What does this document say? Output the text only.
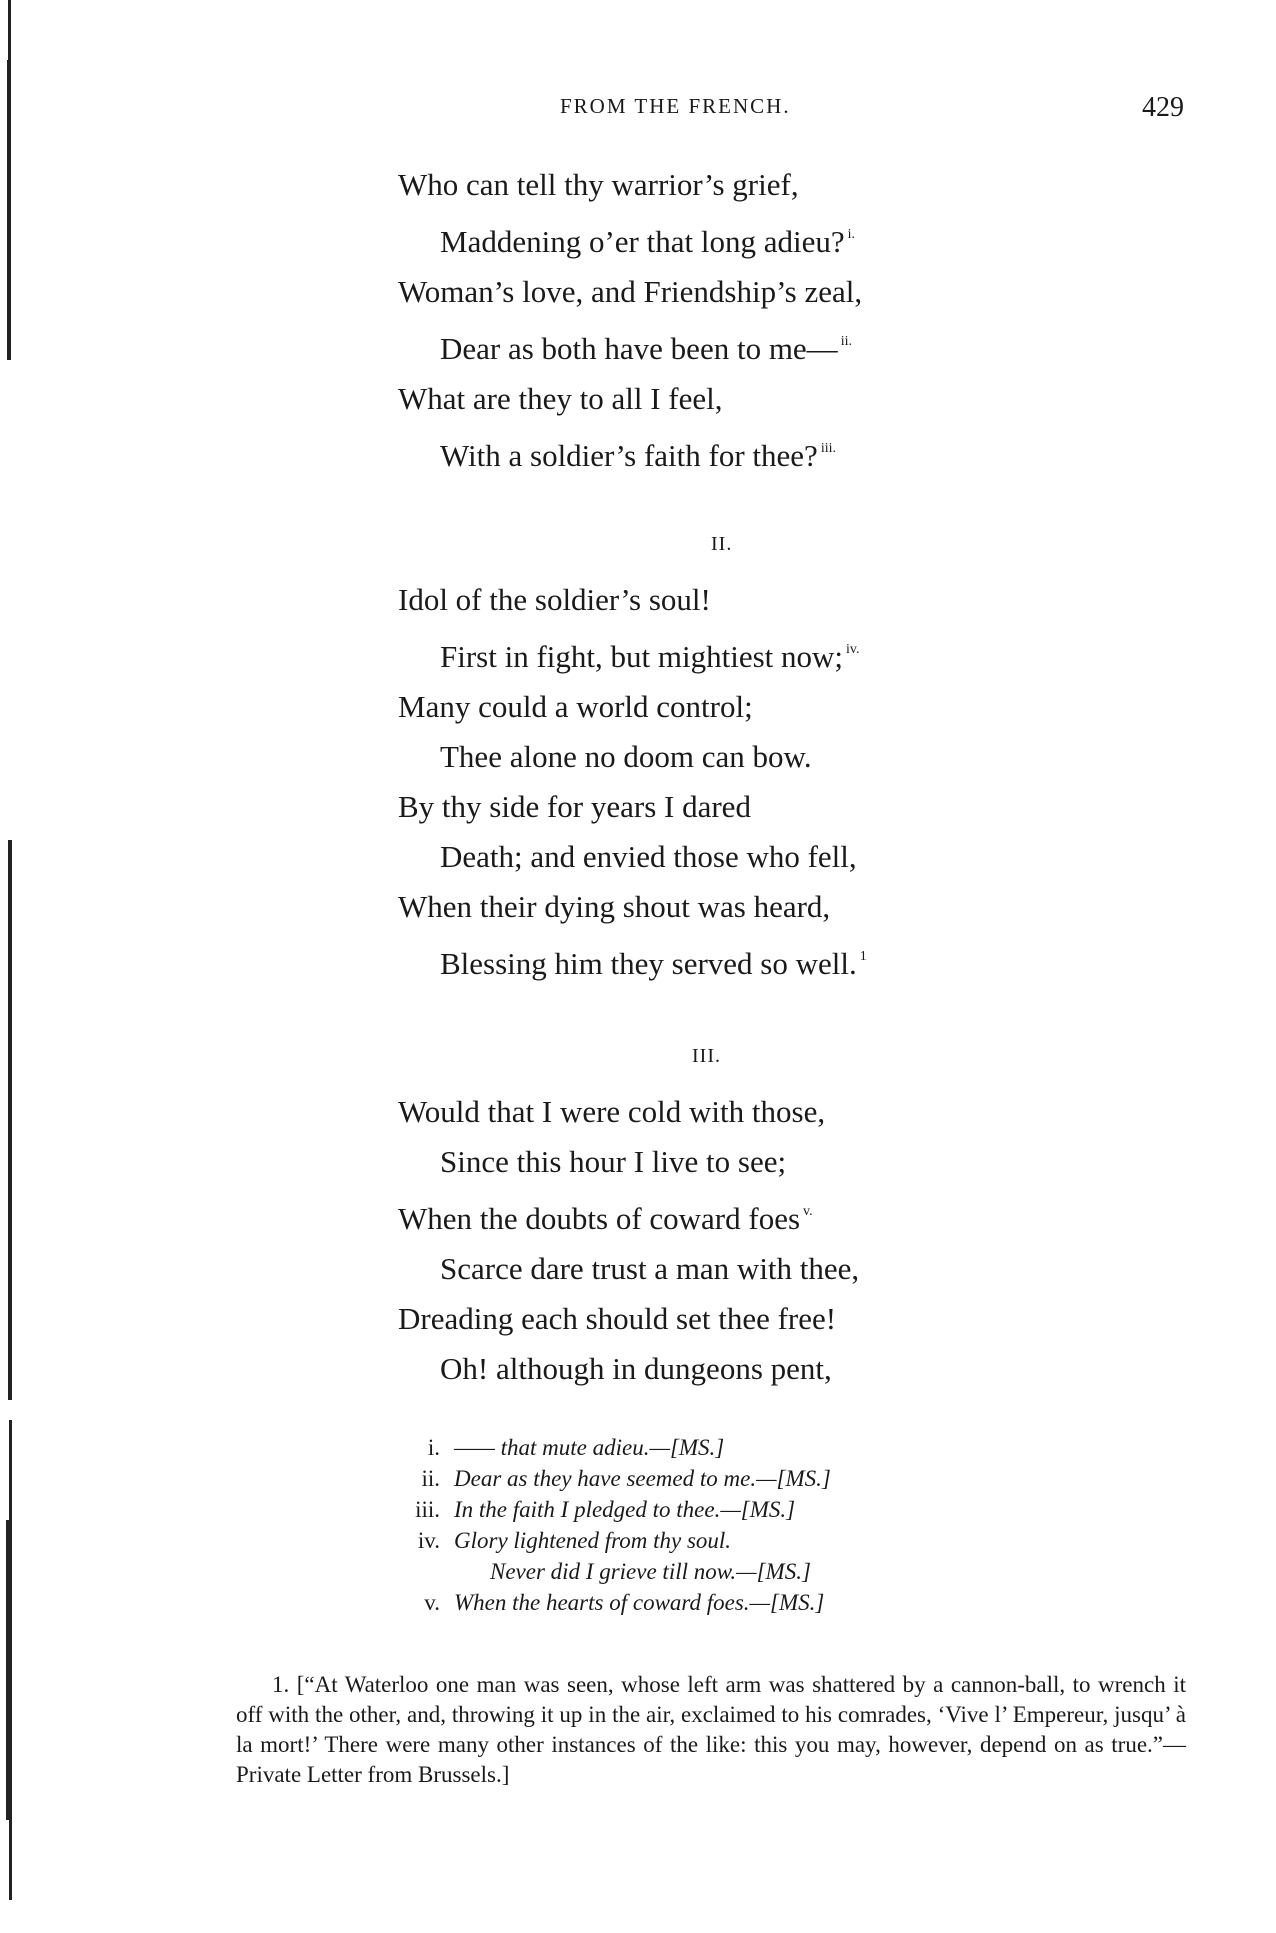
FROM THE FRENCH.	429
Who can tell thy warrior’s grief,
Maddening o’er that long adieu? $^{i.}$
Woman’s love, and Friendship’s zeal,
Dear as both have been to me— $^{ii.}$
What are they to all I feel,
With a soldier’s faith for thee? $^{iii.}$
II.
Idol of the soldier’s soul!
First in fight, but mightiest now; $^{iv.}$
Many could a world control;
Thee alone no doom can bow.
By thy side for years I dared
Death; and envied those who fell,
When their dying shout was heard,
Blessing him they served so well. $^1$
III.
Would that I were cold with those,
Since this hour I live to see;
When the doubts of coward foes $^{v.}$
Scarce dare trust a man with thee,
Dreading each should set thee free!
Oh! although in dungeons pent,
i. —— that mute adieu.—[MS.]
ii. Dear as they have seemed to me.—[MS.]
iii. In the faith I pledged to thee.—[MS.]
iv. Glory lightened from thy soul.
Never did I grieve till now.—[MS.]
v. When the hearts of coward foes.—[MS.]
1. [“At Waterloo one man was seen, whose left arm was shattered by a cannon-ball, to wrench it off with the other, and, throwing it up in the air, exclaimed to his comrades, ‘Vive l’ Empereur, jusqu’ à la mort!’ There were many other instances of the like: this you may, however, depend on as true.”—Private Letter from Brussels.]
